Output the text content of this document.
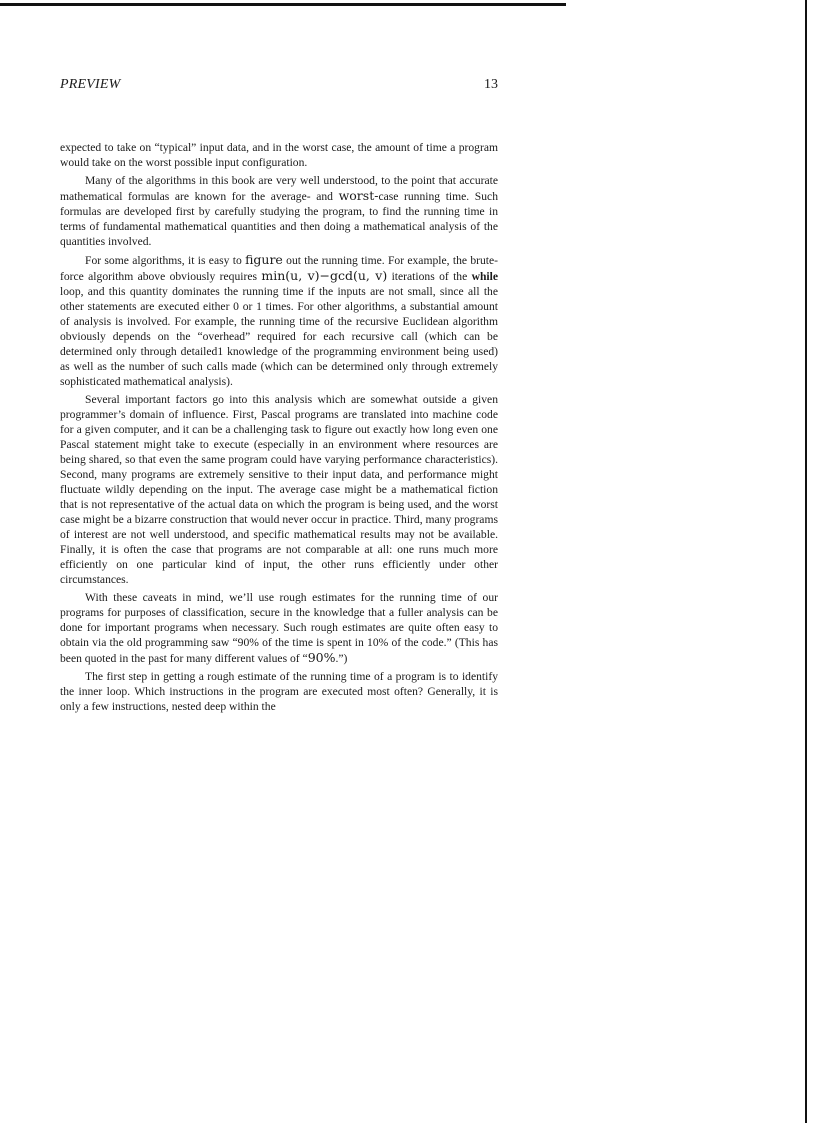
PREVIEW	13

expected to take on “typical” input data, and in the worst case, the amount of time a program would take on the worst possible input configuration.

Many of the algorithms in this book are very well understood, to the point that accurate mathematical formulas are known for the average- and worst-case running time. Such formulas are developed first by carefully studying the program, to find the running time in terms of fundamental mathematical quantities and then doing a mathematical analysis of the quantities involved.

For some algorithms, it is easy to figure out the running time. For example, the brute-force algorithm above obviously requires min(u, v)−gcd(u, v) iterations of the while loop, and this quantity dominates the running time if the inputs are not small, since all the other statements are executed either 0 or 1 times. For other algorithms, a substantial amount of analysis is involved. For example, the running time of the recursive Euclidean algorithm obviously depends on the “overhead” required for each recursive call (which can be determined only through detailed1 knowledge of the programming environment being used) as well as the number of such calls made (which can be determined only through extremely sophisticated mathematical analysis).

Several important factors go into this analysis which are somewhat outside a given programmer’s domain of influence. First, Pascal programs are translated into machine code for a given computer, and it can be a challenging task to figure out exactly how long even one Pascal statement might take to execute (especially in an environment where resources are being shared, so that even the same program could have varying performance characteristics). Second, many programs are extremely sensitive to their input data, and performance might fluctuate wildly depending on the input. The average case might be a mathematical fiction that is not representative of the actual data on which the program is being used, and the worst case might be a bizarre construction that would never occur in practice. Third, many programs of interest are not well understood, and specific mathematical results may not be available. Finally, it is often the case that programs are not comparable at all: one runs much more efficiently on one particular kind of input, the other runs efficiently under other circumstances.

With these caveats in mind, we’ll use rough estimates for the running time of our programs for purposes of classification, secure in the knowledge that a fuller analysis can be done for important programs when necessary. Such rough estimates are quite often easy to obtain via the old programming saw “90% of the time is spent in 10% of the code.” (This has been quoted in the past for many different values of “90%.”)

The first step in getting a rough estimate of the running time of a program is to identify the inner loop. Which instructions in the program are executed most often? Generally, it is only a few instructions, nested deep within the
